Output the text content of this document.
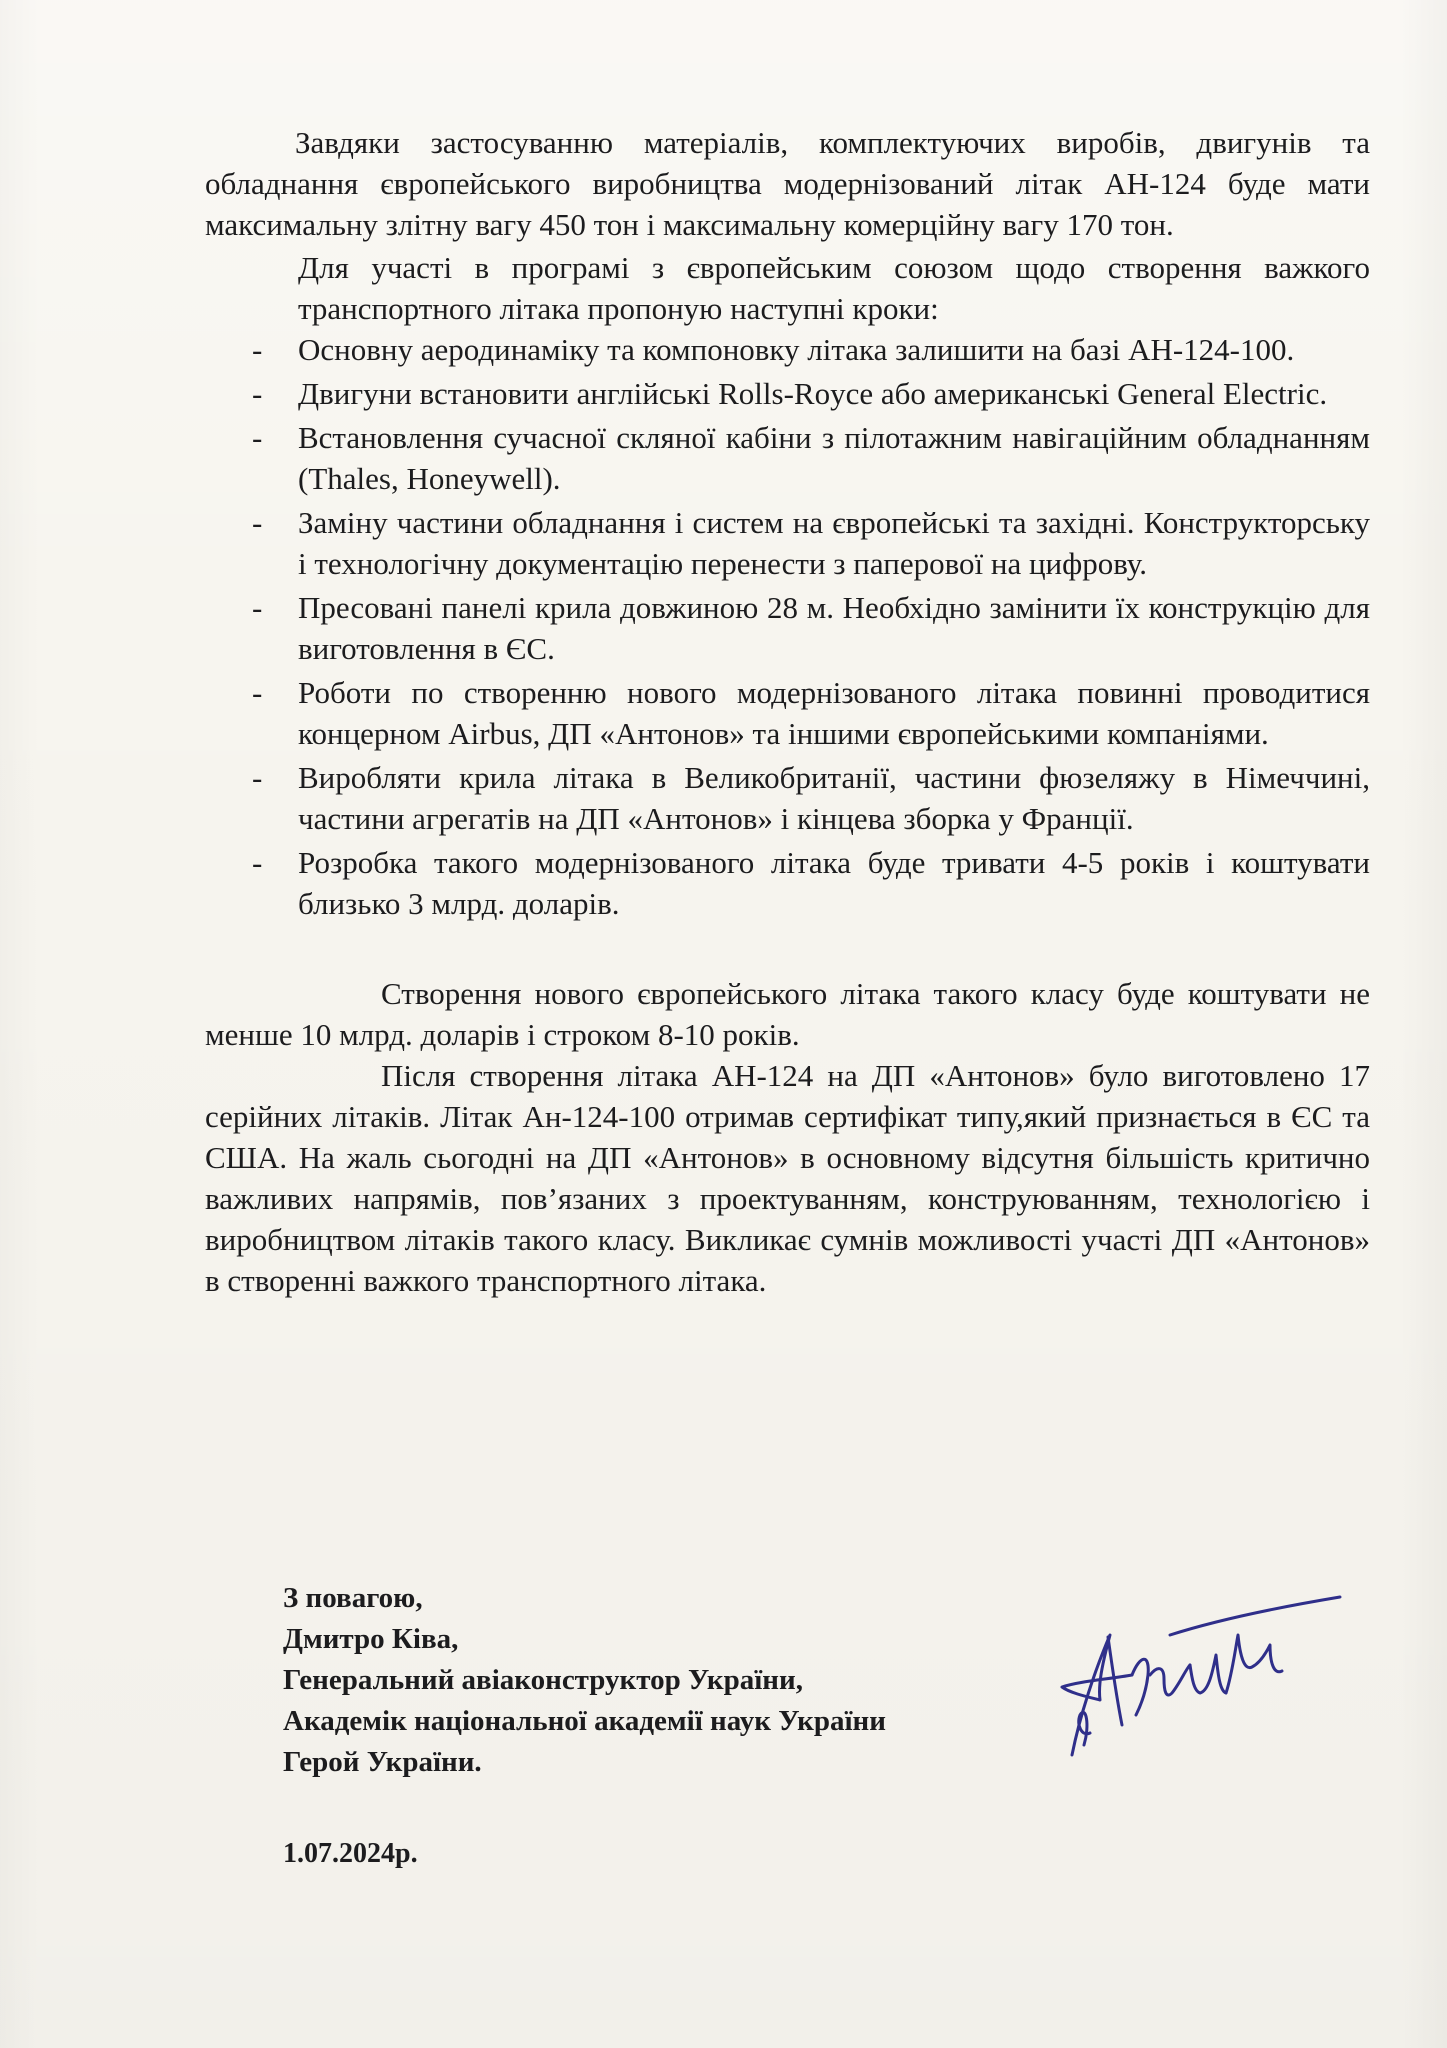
Завдяки застосуванню матеріалів, комплектуючих виробів, двигунів та обладнання європейського виробництва модернізований літак АН-124 буде мати максимальну злітну вагу 450 тон і максимальну комерційну вагу 170 тон.

Для участі в програмі з європейським союзом щодо створення важкого транспортного літака пропоную наступні кроки:

- Основну аеродинаміку та компоновку літака залишити на базі АН-124-100.
- Двигуни встановити англійські Rolls-Royce або американські General Electric.
- Встановлення сучасної скляної кабіни з пілотажним навігаційним обладнанням (Thales, Honeywell).
- Заміну частини обладнання і систем на європейські та західні. Конструкторську і технологічну документацію перенести з паперової на цифрову.
- Пресовані панелі крила довжиною 28 м. Необхідно замінити їх конструкцію для виготовлення в ЄС.
- Роботи по створенню нового модернізованого літака повинні проводитися концерном Airbus, ДП «Антонов» та іншими європейськими компаніями.
- Виробляти крила літака в Великобританії, частини фюзеляжу в Німеччині, частини агрегатів на ДП «Антонов» і кінцева зборка у Франції.
- Розробка такого модернізованого літака буде тривати 4-5 років і коштувати близько 3 млрд. доларів.

Створення нового європейського літака такого класу буде коштувати не менше 10 млрд. доларів і строком 8-10 років.

Після створення літака АН-124 на ДП «Антонов» було виготовлено 17 серійних літаків. Літак Ан-124-100 отримав сертифікат типу,який признається в ЄС та США. На жаль сьогодні на ДП «Антонов» в основному відсутня більшість критично важливих напрямів, пов’язаних з проектуванням, конструюванням, технологією і виробництвом літаків такого класу. Викликає сумнів можливості участі ДП «Антонов» в створенні важкого транспортного літака.

З повагою,
Дмитро Ківа,
Генеральний авіаконструктор України,
Академік національної академії наук України
Герой України.
1.07.2024р.
